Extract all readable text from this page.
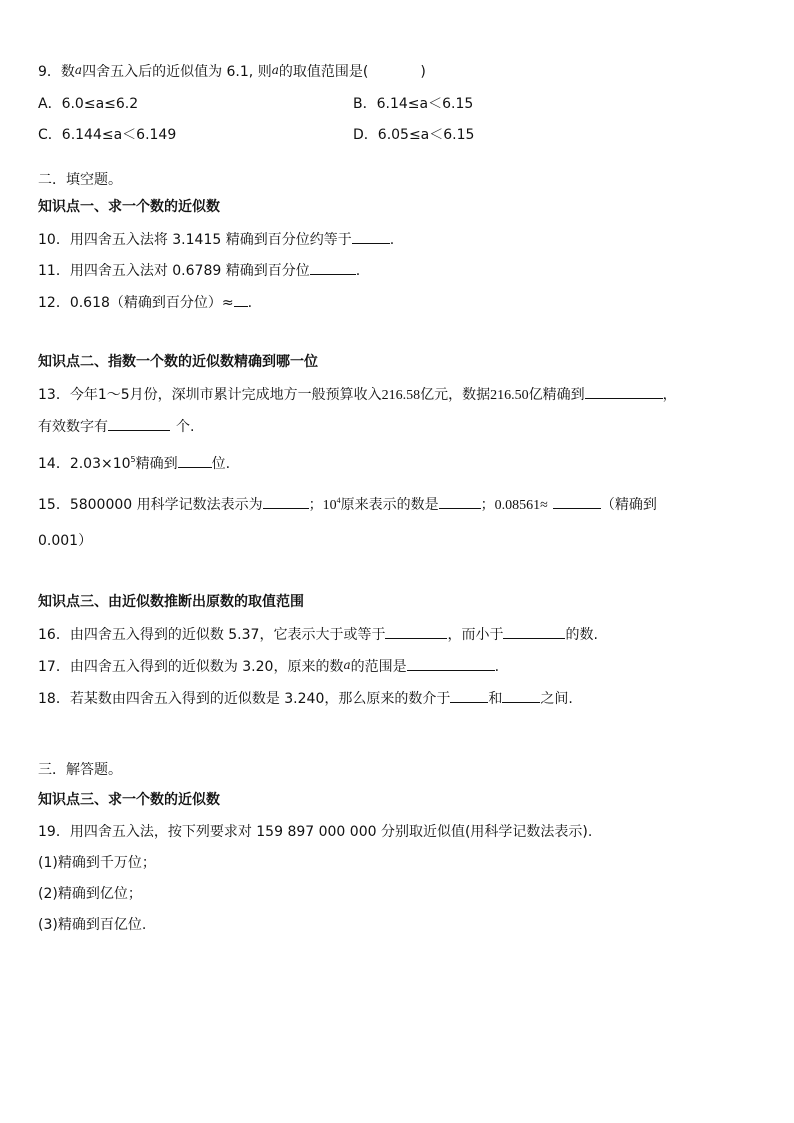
9．数a四舍五入后的近似值为 6.1, 则a的取值范围是(	)
A．6.0≤a≤6.2	B．6.14≤a＜6.15
C．6.144≤a＜6.149	D．6.05≤a＜6.15
二．填空题。
知识点一、求一个数的近似数
10．用四舍五入法将 3.1415 精确到百分位约等于	.
11．用四舍五入法对 0.6789 精确到百分位	.
12．0.618（精确到百分位）≈ .
知识点二、指数一个数的近似数精确到哪一位
13．今年1～5月份，深圳市累计完成地方一般预算收入216.58亿元，数据216.50亿精确到	，
有效数字有	个.
14．$2.03\times 10^5$精确到 位.
15．5800000 用科学记数法表示为	；$10^4$原来表示的数是	；0.08561≈	（精确到
0.001）
知识点三、由近似数推断出原数的取值范围
16．由四舍五入得到的近似数 5.37，它表示大于或等于	，而小于	的数.
17．由四舍五入得到的近似数为 3.20，原来的数a的范围是	.
18．若某数由四舍五入得到的近似数是 3.240，那么原来的数介于	和	之间.
三．解答题。
知识点三、求一个数的近似数
19．用四舍五入法，按下列要求对 159 897 000 000 分别取近似值(用科学记数法表示).
(1)精确到千万位；
(2)精确到亿位；
(3)精确到百亿位.
